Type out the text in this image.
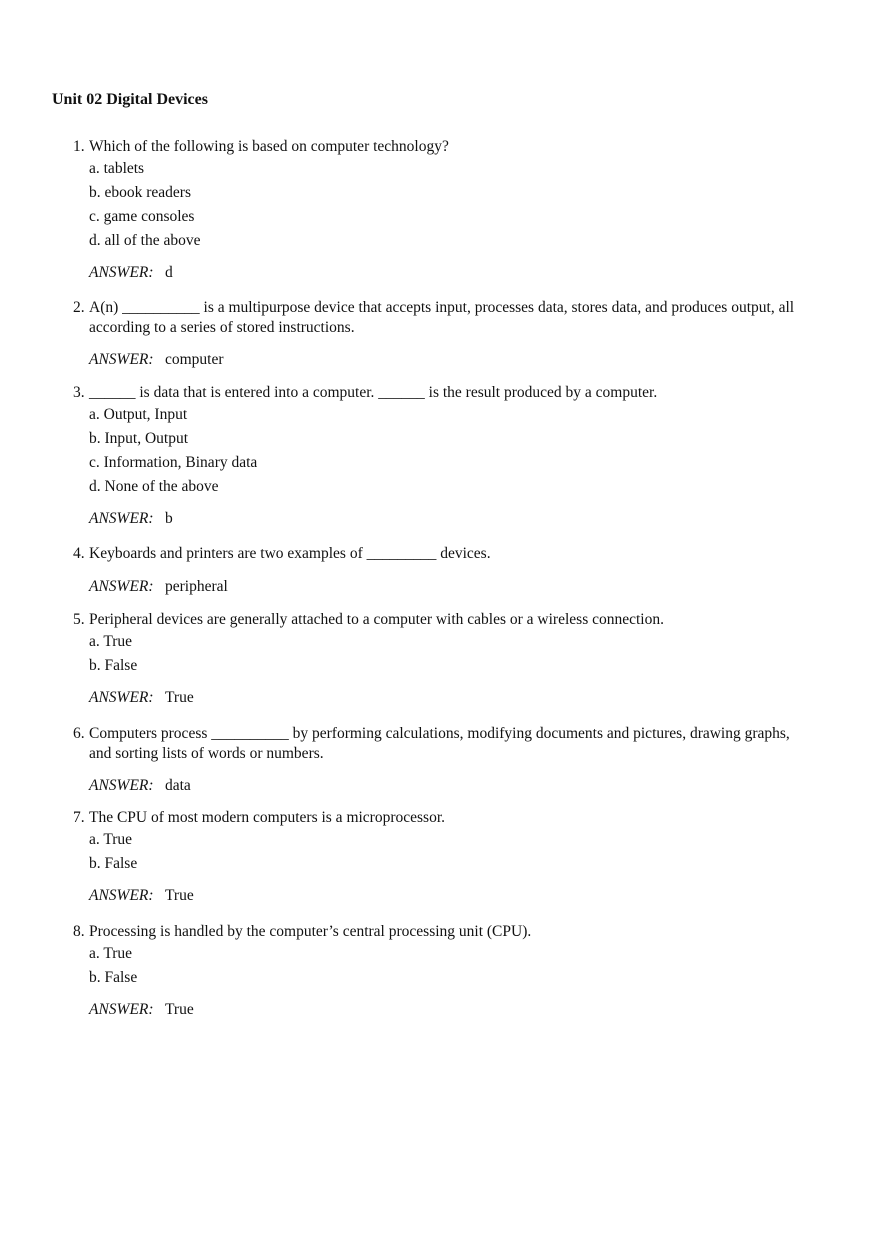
Unit 02 Digital Devices
1. Which of the following is based on computer technology?
a. tablets
b. ebook readers
c. game consoles
d. all of the above
ANSWER: d
2. A(n) __________ is a multipurpose device that accepts input, processes data, stores data, and produces output, all
according to a series of stored instructions.
ANSWER: computer
3. ______ is data that is entered into a computer. ______ is the result produced by a computer.
a. Output, Input
b. Input, Output
c. Information, Binary data
d. None of the above
ANSWER: b
4. Keyboards and printers are two examples of _________ devices.
ANSWER: peripheral
5. Peripheral devices are generally attached to a computer with cables or a wireless connection.
a. True
b. False
ANSWER: True
6. Computers process __________ by performing calculations, modifying documents and pictures, drawing graphs,
and sorting lists of words or numbers.
ANSWER: data
7. The CPU of most modern computers is a microprocessor.
a. True
b. False
ANSWER: True
8. Processing is handled by the computer’s central processing unit (CPU).
a. True
b. False
ANSWER: True
